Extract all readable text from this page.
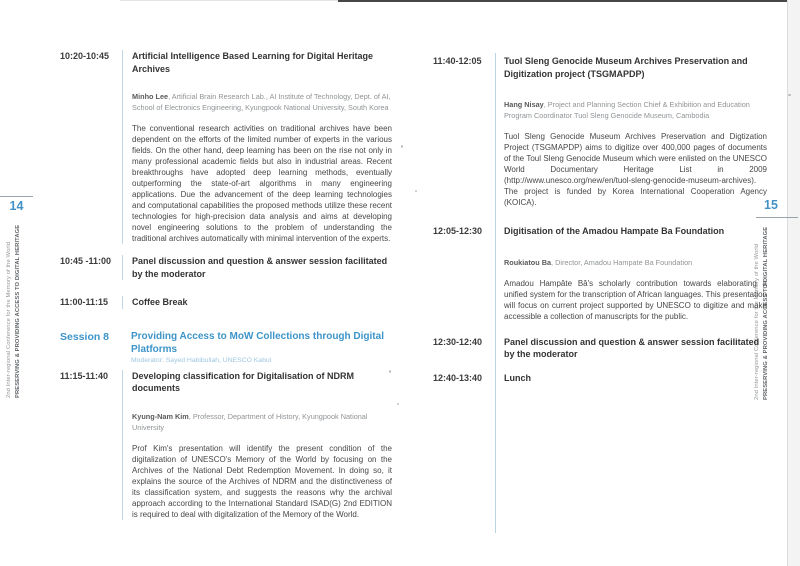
14
2nd Inter-regional Conference for the Memory of the World PRESERVING & PROVIDING ACCESS TO DIGITAL HERITAGE
15
2nd Inter-regional Conference for the Memory of the World PRESERVING & PROVIDING ACCESS TO DIGITAL HERITAGE
10:20-10:45	Artificial Intelligence Based Learning for Digital Heritage Archives

Minho Lee, Artificial Brain Research Lab., AI Institute of Technology, Dept. of AI, School of Electronics Engineering, Kyungpook National University, South Korea

The conventional research activities on traditional archives have been dependent on the efforts of the limited number of experts in the various fields. On the other hand, deep learning has been on the rise not only in many professional academic fields but also in industrial areas. Recent breakthroughs have adopted deep learning methods, eventually outperforming the state-of-art algorithms in many engineering applications. Due the advancement of the deep learning technologies and computational capabilities the proposed methods utilize these recent technologies for high-precision data analysis and aims at developing novel engineering solutions to the problem of understanding the traditional archives automatically with minimal intervention of the experts.

10:45 -11:00	Panel discussion and question & answer session facilitated by the moderator
11:00-11:15	Coffee Break
Session 8	Providing Access to MoW Collections through Digital Platforms
Moderator: Sayed Habibullah, UNESCO Kabul
11:15-11:40	Developing classification for Digitalisation of NDRM documents

Kyung-Nam Kim, Professor, Department of History, Kyungpook National University

Prof Kim's presentation will identify the present condition of the digitalization of UNESCO's Memory of the World by focusing on the Archives of the National Debt Redemption Movement. In doing so, it explains the source of the Archives of NDRM and the distinctiveness of its classification system, and suggests the reasons why the archival approach according to the International Standard ISAD(G) 2nd EDITION is required to deal with digitalization of the Memory of the World.

11:40-12:05	Tuol Sleng Genocide Museum Archives Preservation and Digitization project (TSGMAPDP)

Hang Nisay, Project and Planning Section Chief & Exhibition and Education Program Coordinator Tuol Sleng Genocide Museum, Cambodia

Tuol Sleng Genocide Museum Archives Preservation and Digtization Project (TSGMAPDP) aims to digitize over 400,000 pages of documents of the Toul Sleng Genocide Museum which were enlisted on the UNESCO World Documentary Heritage List in 2009 (http://www.unesco.org/new/en/tuol-sleng-genocide-museum-archives). The project is funded by Korea International Cooperation Agency (KOICA).

12:05-12:30	Digitisation of the Amadou Hampate Ba Foundation

Roukiatou Ba, Director, Amadou Hampate Ba Foundation

Amadou Hampâte Bâ's scholarly contribution towards elaborating a unified system for the transcription of African languages. This presentation will focus on current project supported by UNESCO to digitize and make accessible a collection of manuscripts for the public.

12:30-12:40	Panel discussion and question & answer session facilitated by the moderator
12:40-13:40	Lunch
